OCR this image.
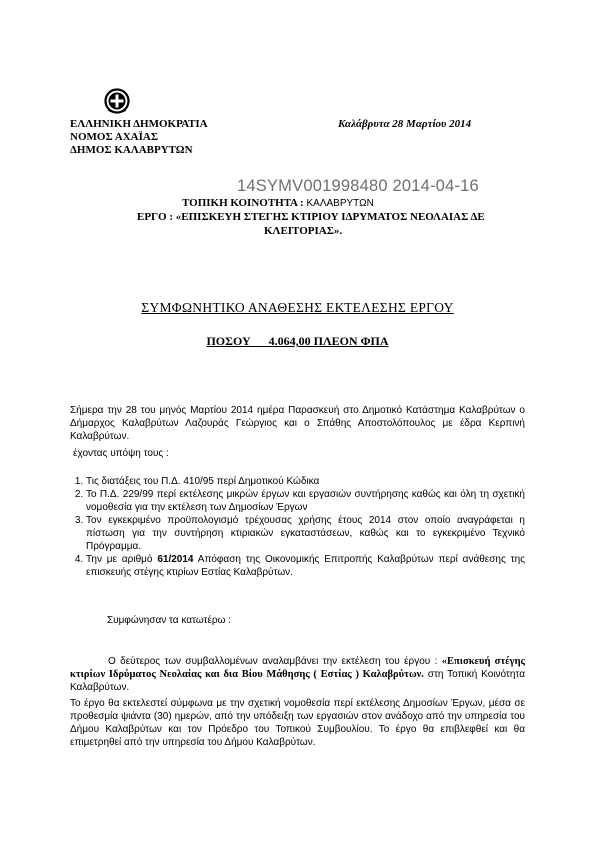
ΕΛΛΗΝΙΚΗ ΔΗΜΟΚΡΑΤΙΑ
ΝΟΜΟΣ ΑΧΑΪΑΣ
ΔΗΜΟΣ ΚΑΛΑΒΡΥΤΩΝ
Καλάβρυτα 28 Μαρτίου 2014
14SYMV001998480 2014-04-16
ΤΟΠΙΚΗ ΚΟΙΝΟΤΗΤΑ : ΚΑΛΑΒΡΥΤΩΝ
ΕΡΓΟ : «ΕΠΙΣΚΕΥΗ ΣΤΕΓΗΣ ΚΤΙΡΙΟΥ ΙΔΡΥΜΑΤΟΣ ΝΕΟΛΑΙΑΣ ΔΕ
ΚΛΕΙΤΟΡΙΑΣ».
ΣΥΜΦΩΝΗΤΙΚΟ ΑΝΑΘΕΣΗΣ ΕΚΤΕΛΕΣΗΣ ΕΡΓΟΥ
ΠΟΣΟΥ      4.064,00 ΠΛΕΟΝ ΦΠΑ
Σήμερα την 28 του μηνός Μαρτίου 2014 ημέρα Παρασκευή στο Δημοτικό Κατάστημα Καλαβρύτων ο Δήμαρχος Καλαβρύτων Λαζουράς Γεώργιος και ο Σπάθης Αποστολόπουλος με έδρα Κερπινή Καλαβρύτων.
έχοντας υπόψη τους :
1. Τις διατάξεις του Π.Δ. 410/95 περί Δημοτικού Κώδικα
2. Το Π.Δ. 229/99 περί εκτέλεσης μικρών έργων και εργασιών συντήρησης καθώς και όλη τη σχετική νομοθεσία για την εκτέλεση των Δημοσίων Έργων
3. Τον εγκεκριμένο προϋπολογισμό τρέχουσας χρήσης έτους 2014 στον οποίο αναγράφεται η πίστωση για την συντήρηση κτιριακών εγκαταστάσεων, καθώς και το εγκεκριμένο Τεχνικό Πρόγραμμα.
4. Την με αριθμό 61/2014 Απόφαση της Οικονομικής Επιτροπής Καλαβρύτων περί ανάθεσης της επισκευής στέγης κτιρίων Εστίας Καλαβρύτων.
Συμφώνησαν τα κατωτέρω :
Ο δεύτερος των συμβαλλομένων αναλαμβάνει την εκτέλεση του έργου : «Επισκευή στέγης κτιρίων Ιδρύματος Νεολαίας και δια Βίου Μάθησης ( Εστίας ) Καλαβρύτων. στη Τοπική Κοινότητα Καλαβρύτων.
Το έργο θα εκτελεστεί σύμφωνα με την σχετική νομοθεσία περί εκτέλεσης Δημοσίων Έργων, μέσα σε προθεσμία ψιάντα (30) ημερών, από την υπόδειξη των εργασιών στον ανάδοχο από την υπηρεσία του Δήμου Καλαβρύτων και τον Πρόεδρο του Τοπικού Συμβουλίου. Το έργο θα επιβλεφθεί και θα επιμετρηθεί από την υπηρεσία του Δήμου Καλαβρύτων.
